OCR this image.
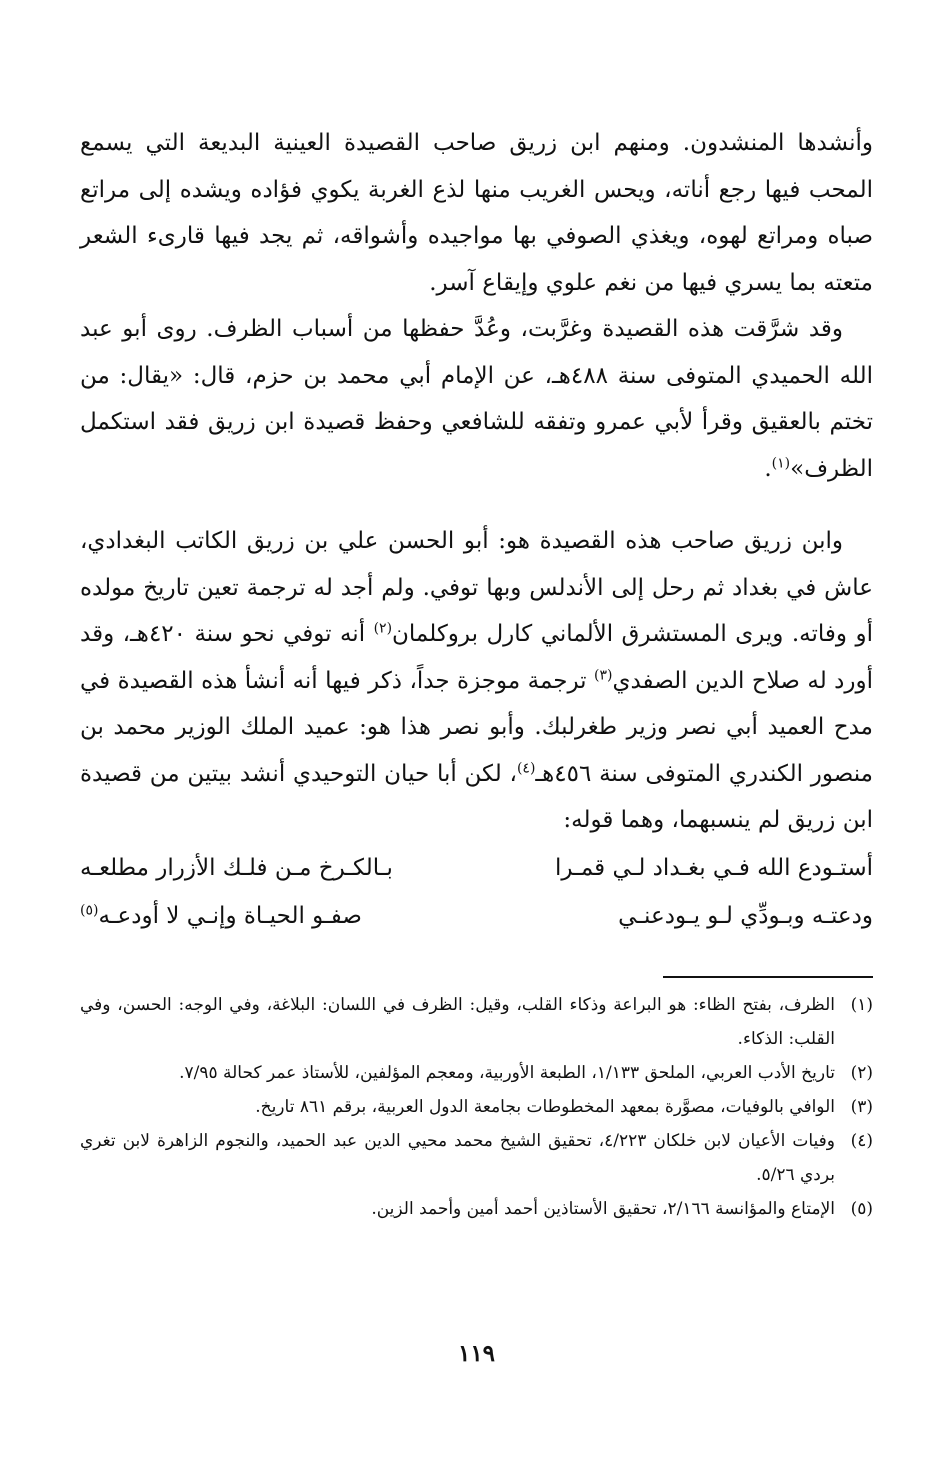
وأنشدها المنشدون. ومنهم ابن زريق صاحب القصيدة العينية البديعة التي يسمع المحب فيها رجع أناته، ويحس الغريب منها لذع الغربة يكوي فؤاده ويشده إلى مراتع صباه ومراتع لهوه، ويغذي الصوفي بها مواجيده وأشواقه، ثم يجد فيها قارىء الشعر متعته بما يسري فيها من نغم علوي وإيقاع آسر.

وقد شرَّقت هذه القصيدة وغرَّبت، وعُدَّ حفظها من أسباب الظرف. روى أبو عبد الله الحميدي المتوفى سنة ٤٨٨هـ، عن الإمام أبي محمد بن حزم، قال: «يقال: من تختم بالعقيق وقرأ لأبي عمرو وتفقه للشافعي وحفظ قصيدة ابن زريق فقد استكمل الظرف»$^{(١)}$.

وابن زريق صاحب هذه القصيدة هو: أبو الحسن علي بن زريق الكاتب البغدادي، عاش في بغداد ثم رحل إلى الأندلس وبها توفي. ولم أجد له ترجمة تعين تاريخ مولده أو وفاته. ويرى المستشرق الألماني كارل بروكلمان$^{(٢)}$ أنه توفي نحو سنة ٤٢٠هـ، وقد أورد له صلاح الدين الصفدي$^{(٣)}$ ترجمة موجزة جداً، ذكر فيها أنه أنشأ هذه القصيدة في مدح العميد أبي نصر وزير طغرلبك. وأبو نصر هذا هو: عميد الملك الوزير محمد بن منصور الكندري المتوفى سنة ٤٥٦هـ$^{(٤)}$، لكن أبا حيان التوحيدي أنشد بيتين من قصيدة ابن زريق لم ينسبهما، وهما قوله:

أستـودع الله فـي بغـداد لـي قمـرا
بـالكـرخ مـن فلـك الأزرار مطلعـه
ودعتـه وبـودِّي لـو يـودعنـي
صفـو الحيـاة وإنـي لا أودعـه$^{(٥)}$
(١)
الظرف، بفتح الظاء: هو البراعة وذكاء القلب، وقيل: الظرف في اللسان: البلاغة، وفي الوجه: الحسن، وفي القلب: الذكاء.
(٢)
تاريخ الأدب العربي، الملحق ١/١٣٣، الطبعة الأوربية، ومعجم المؤلفين، للأستاذ عمر كحالة ٧/٩٥.
(٣)
الوافي بالوفيات، مصوَّرة بمعهد المخطوطات بجامعة الدول العربية، برقم ٨٦١ تاريخ.
(٤)
وفيات الأعيان لابن خلكان ٤/٢٢٣، تحقيق الشيخ محمد محيي الدين عبد الحميد، والنجوم الزاهرة لابن تغري بردي ٥/٢٦.
(٥)
الإمتاع والمؤانسة ٢/١٦٦، تحقيق الأستاذين أحمد أمين وأحمد الزين.
١١٩
